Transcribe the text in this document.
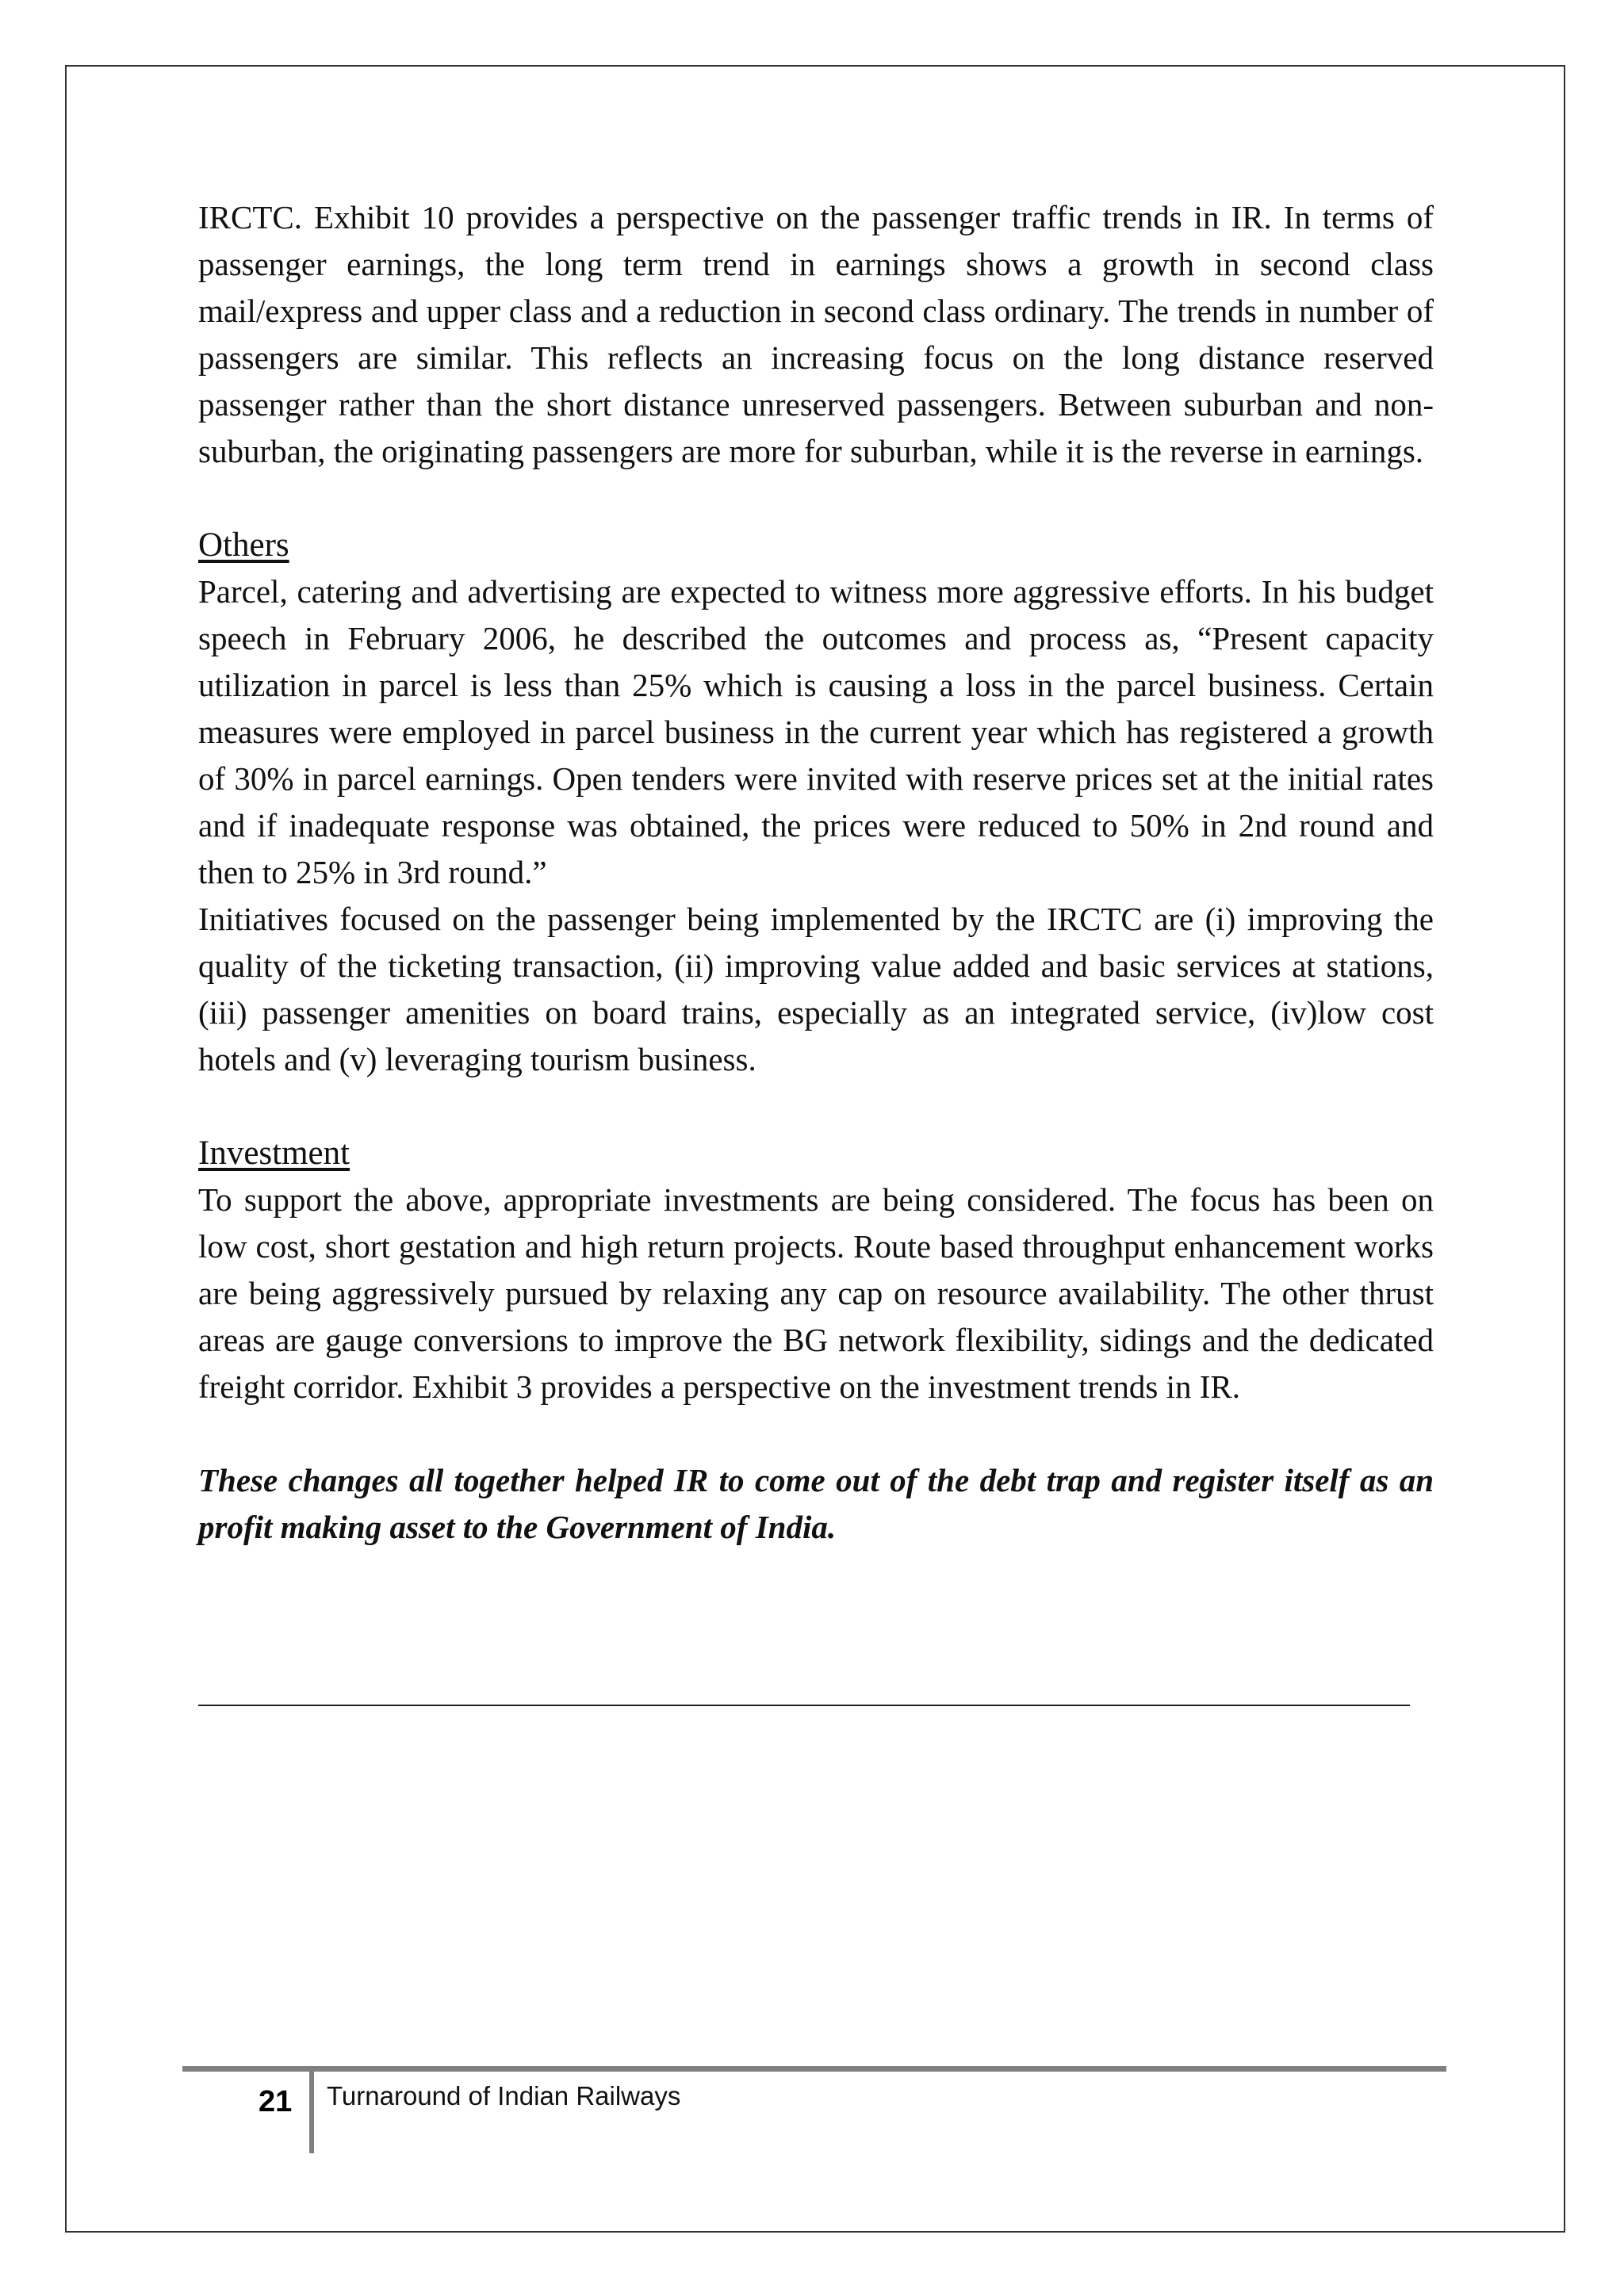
IRCTC. Exhibit 10 provides a perspective on the passenger traffic trends in IR. In terms of passenger earnings, the long term trend in earnings shows a growth in second class mail/express and upper class and a reduction in second class ordinary. The trends in number of passengers are similar. This reflects an increasing focus on the long distance reserved passenger rather than the short distance unreserved passengers. Between suburban and non-suburban, the originating passengers are more for suburban, while it is the reverse in earnings.

Others

Parcel, catering and advertising are expected to witness more aggressive efforts. In his budget speech in February 2006, he described the outcomes and process as, “Present capacity utilization in parcel is less than 25% which is causing a loss in the parcel business. Certain measures were employed in parcel business in the current year which has registered a growth of 30% in parcel earnings. Open tenders were invited with reserve prices set at the initial rates and if inadequate response was obtained, the prices were reduced to 50% in 2nd round and then to 25% in 3rd round.”

Initiatives focused on the passenger being implemented by the IRCTC are (i) improving the quality of the ticketing transaction, (ii) improving value added and basic services at stations, (iii) passenger amenities on board trains, especially as an integrated service, (iv)low cost hotels and (v) leveraging tourism business.

Investment

To support the above, appropriate investments are being considered. The focus has been on low cost, short gestation and high return projects. Route based throughput enhancement works are being aggressively pursued by relaxing any cap on resource availability. The other thrust areas are gauge conversions to improve the BG network flexibility, sidings and the dedicated freight corridor. Exhibit 3 provides a perspective on the investment trends in IR.

These changes all together helped IR to come out of the debt trap and register itself as an profit making asset to the Government of India.

21 Turnaround of Indian Railways
